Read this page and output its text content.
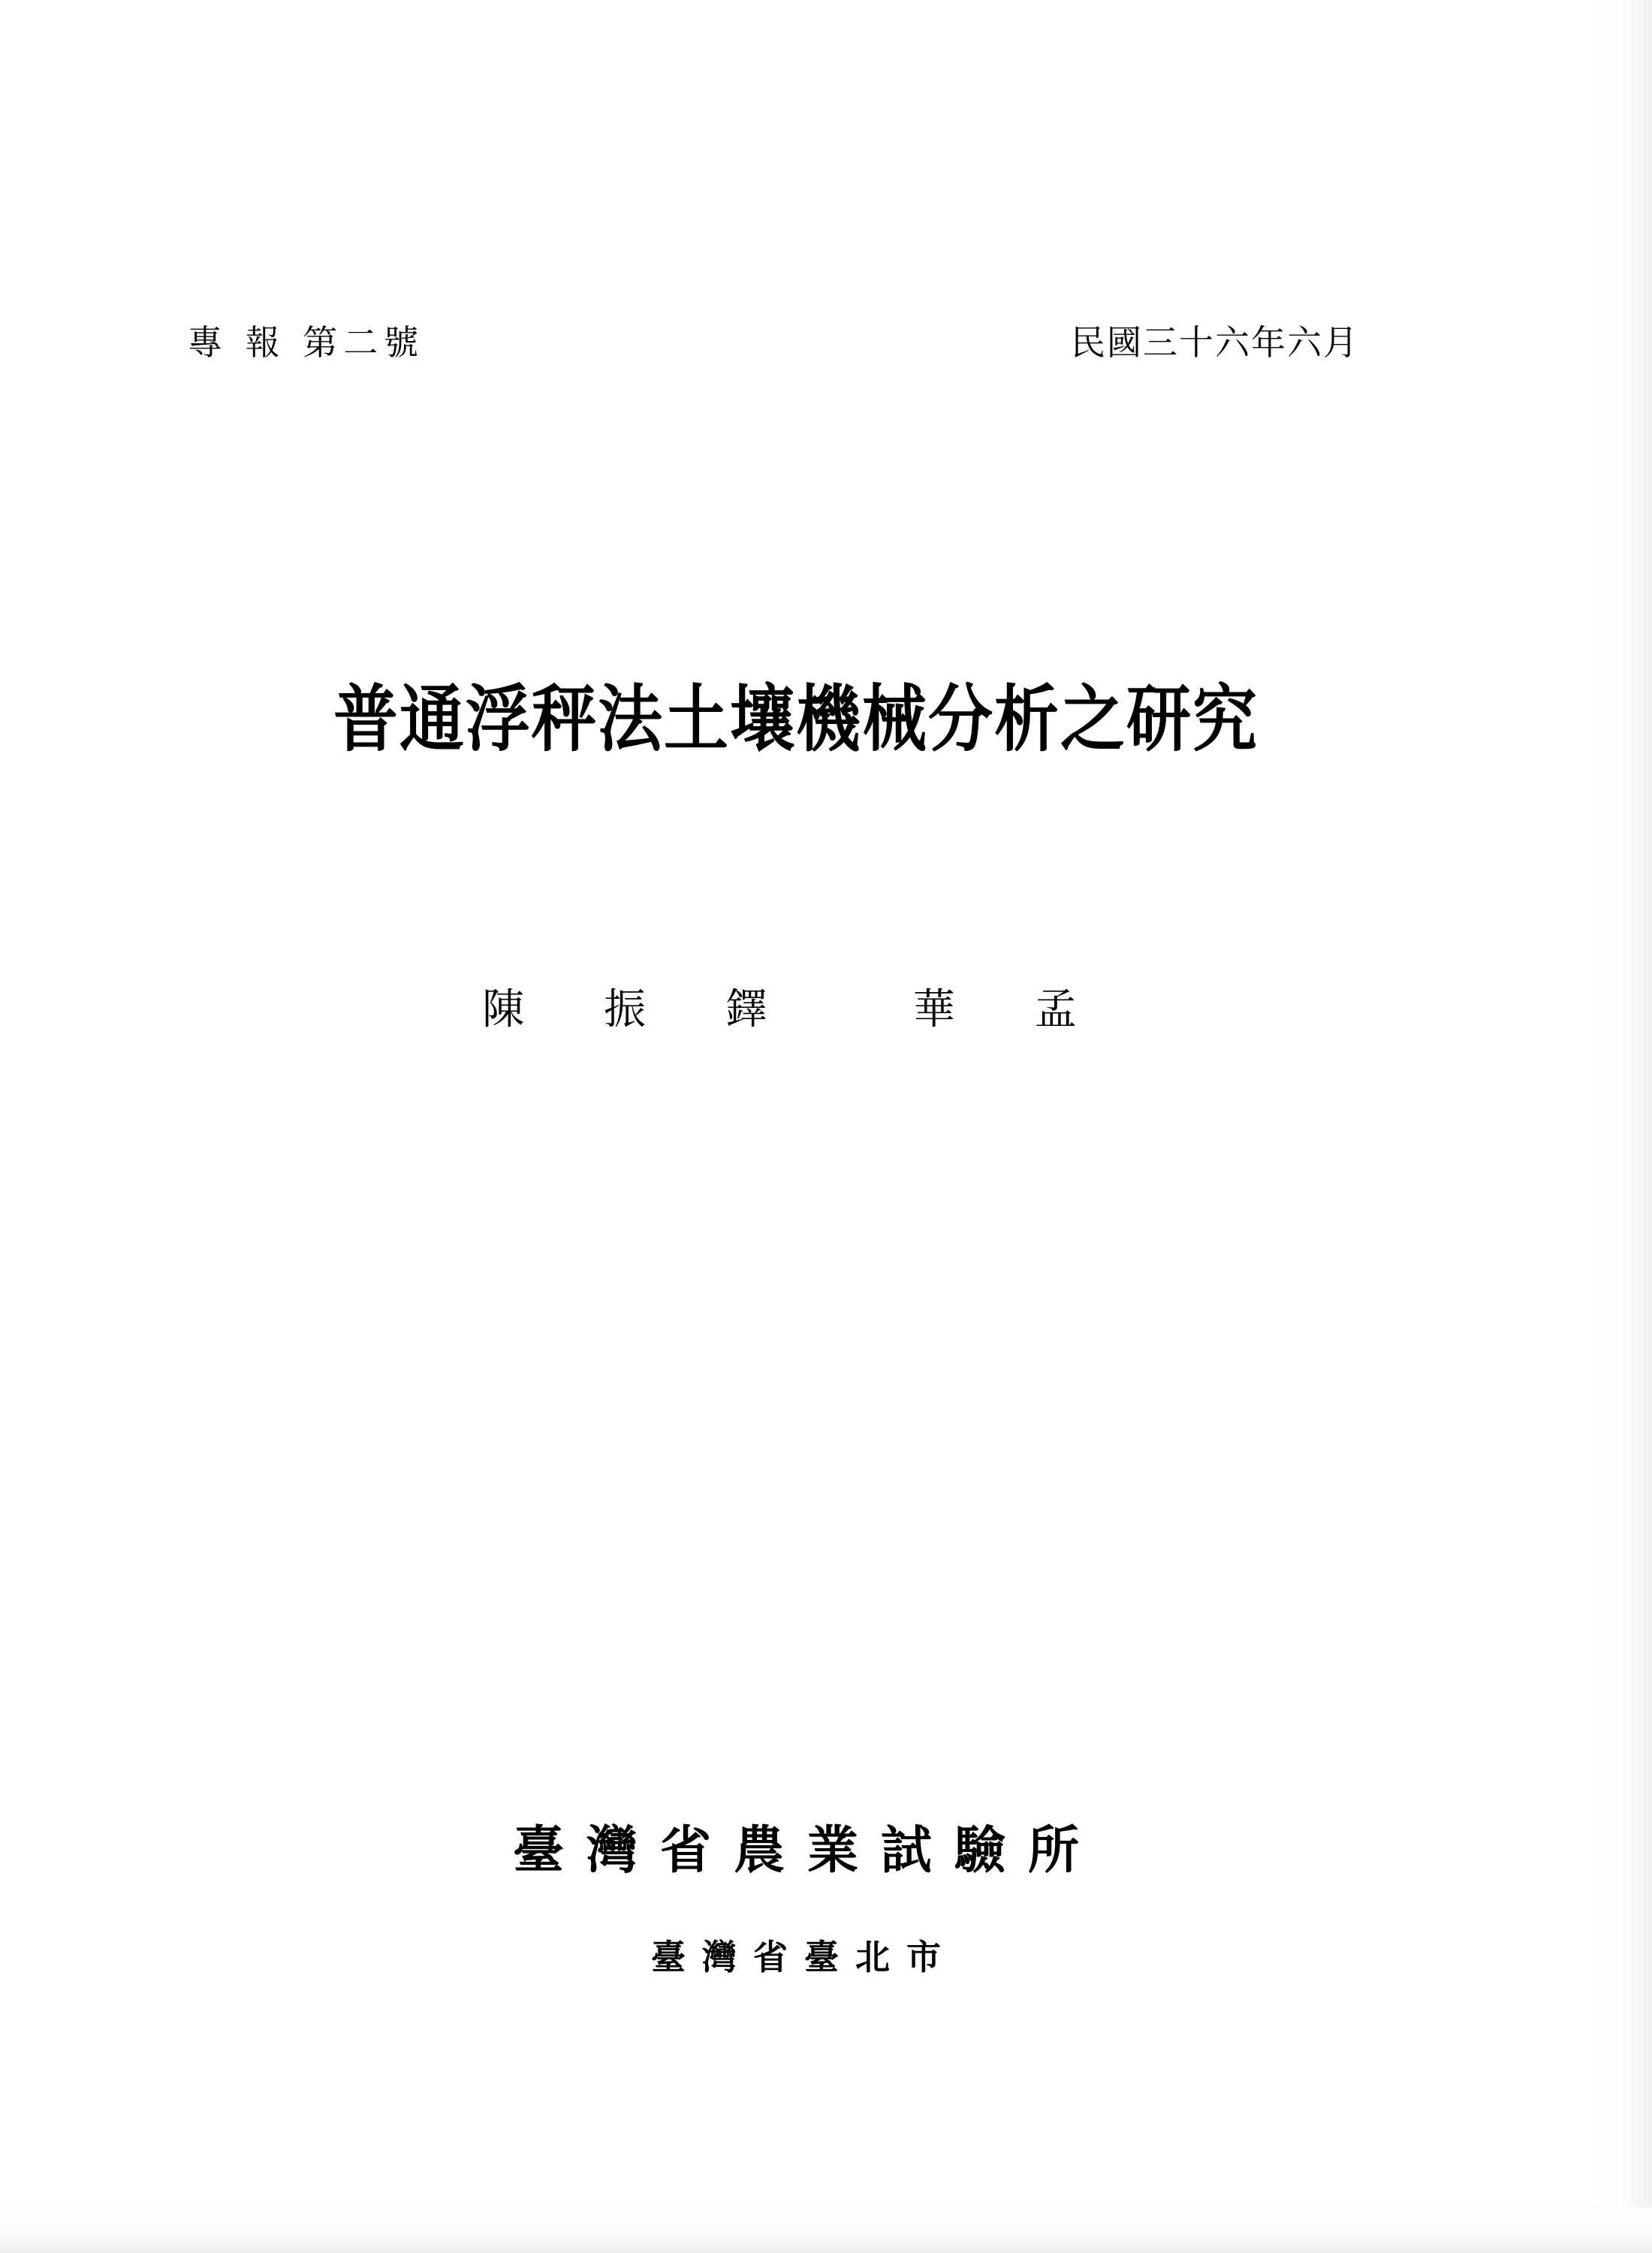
專 報 第二號	民國三十六年六月
普通浮秤法土壤機械分析之研究
陳 振 鐸	華 孟
臺灣省農業試驗所
臺灣省臺北市
